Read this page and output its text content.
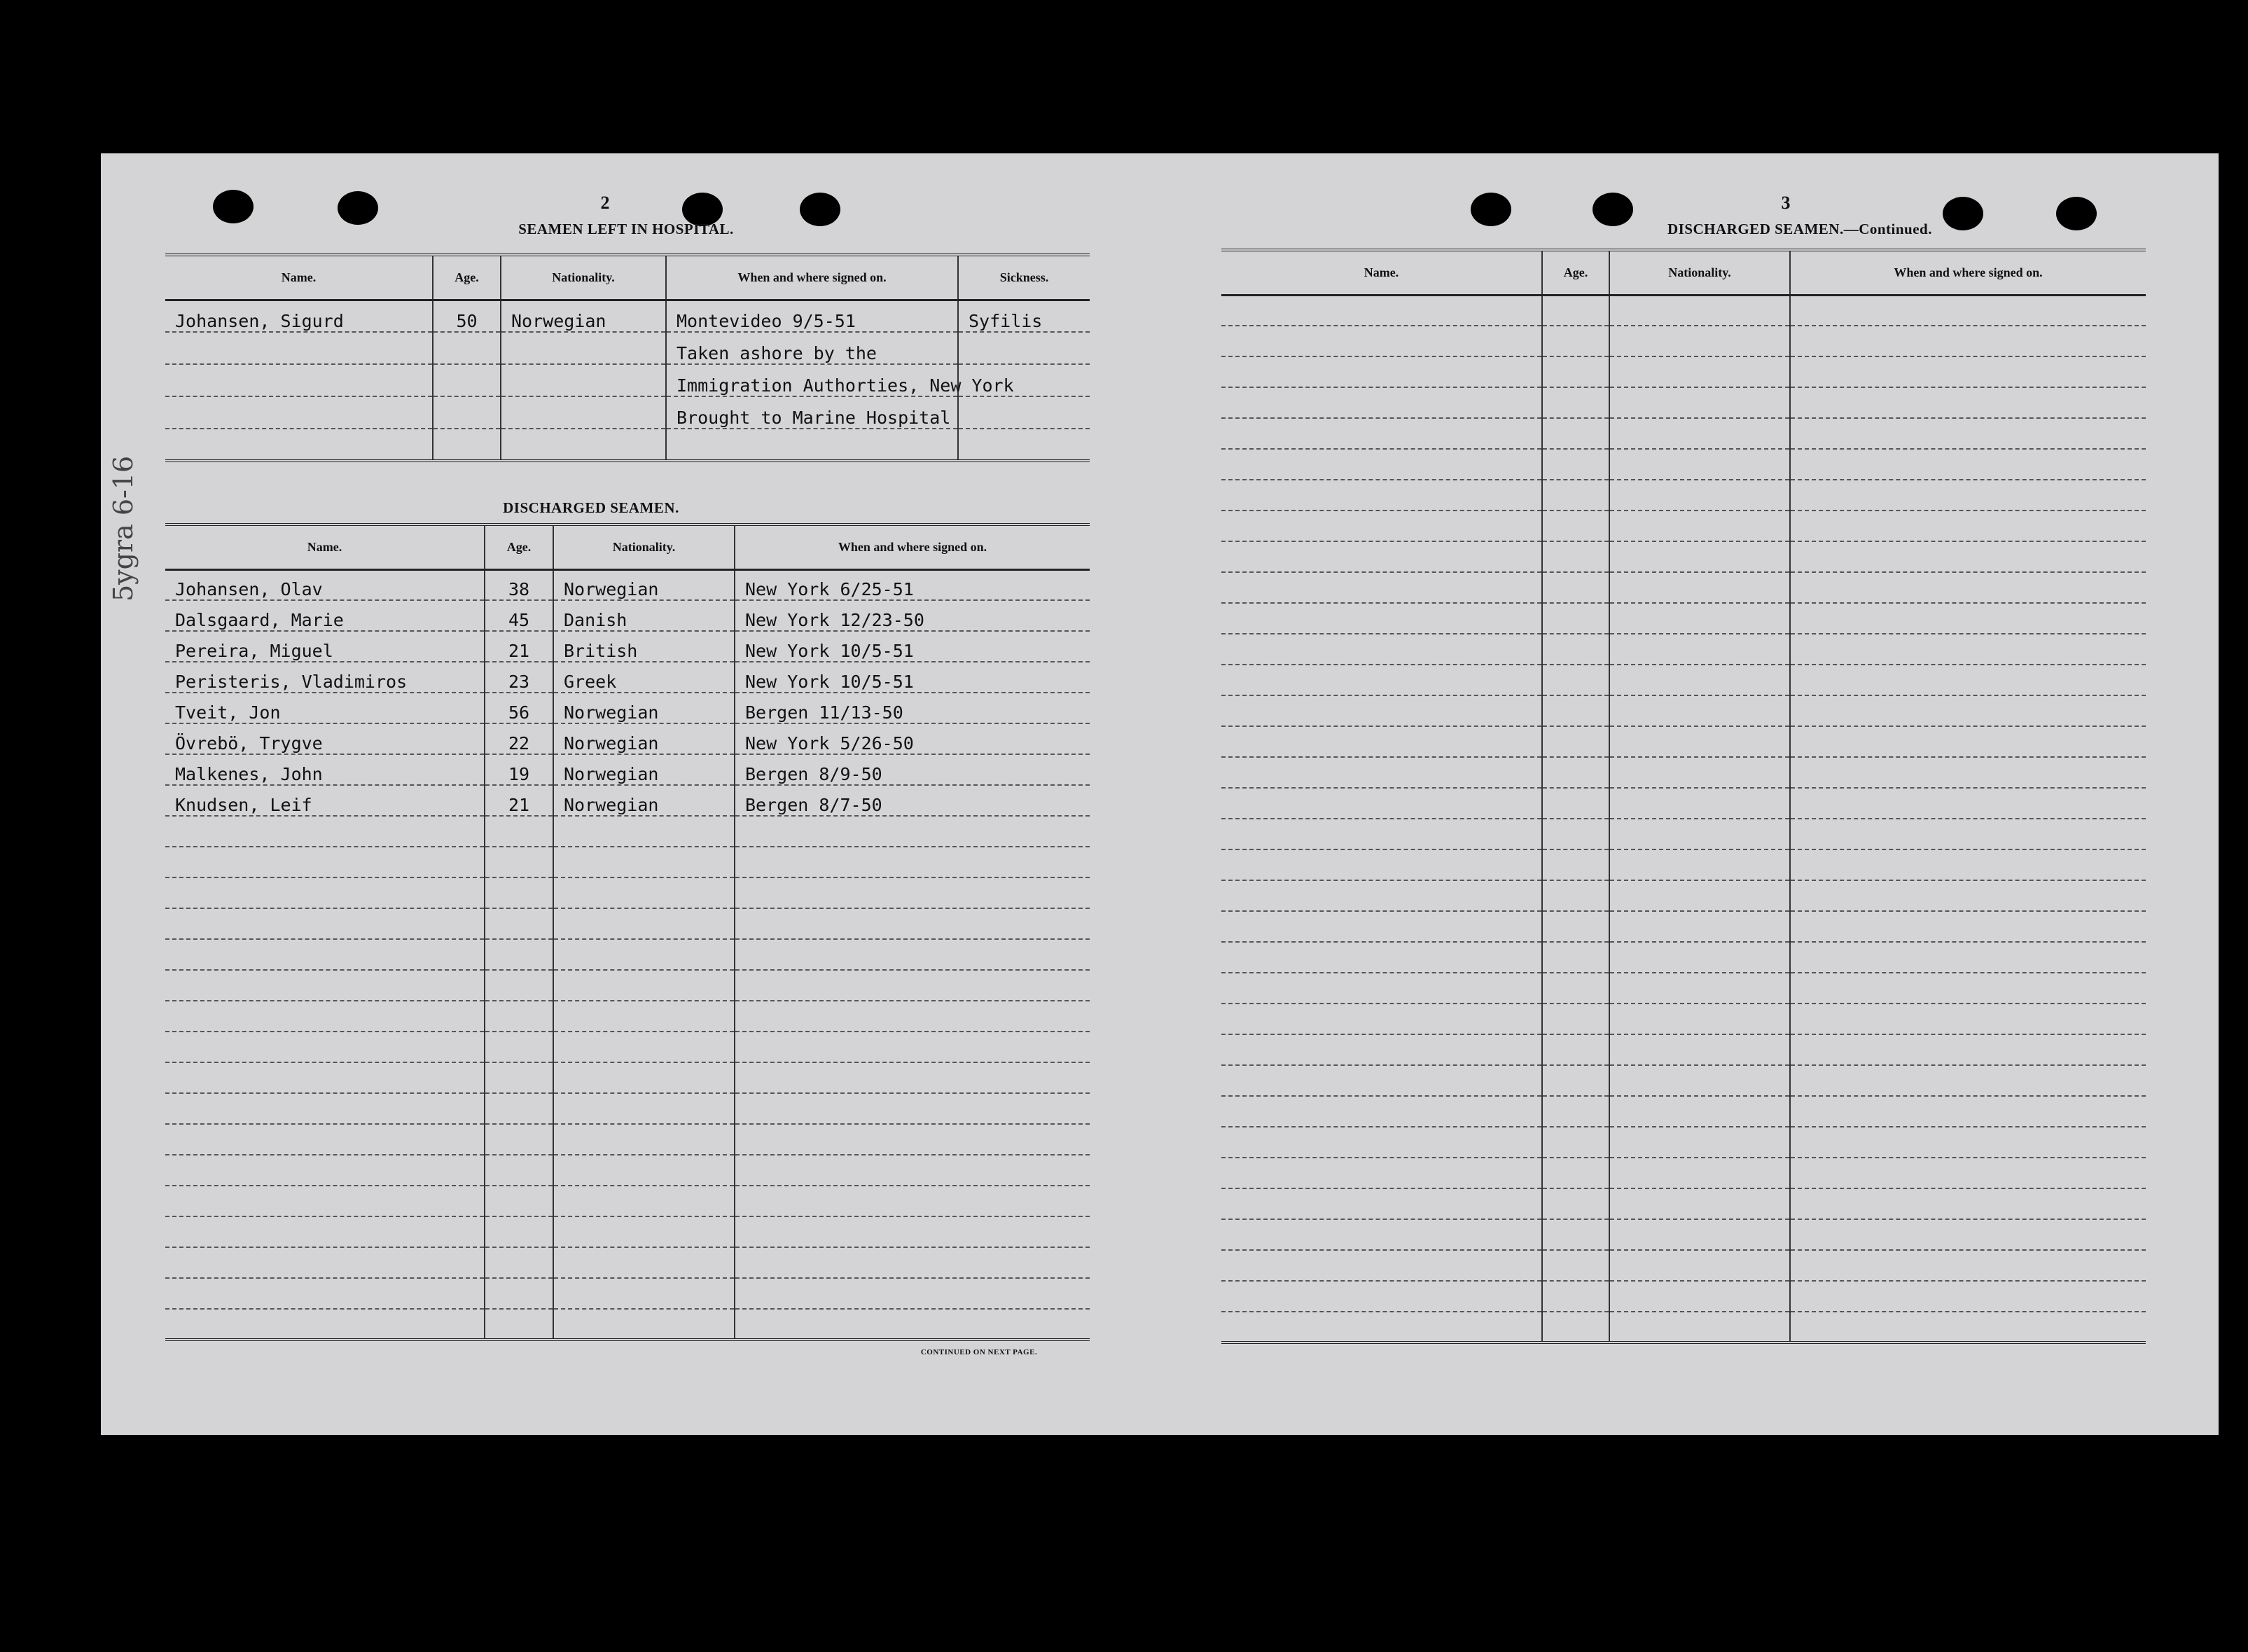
2
SEAMEN LEFT IN HOSPITAL.
Name.	Age.	Nationality.	When and where signed on.	Sickness.
Johansen, Sigurd	50	Norwegian	Montevideo 9/5-51	Syfilis
			Taken ashore by the	
			Immigration Authorties, New York	
			Brought to Marine Hospital	

DISCHARGED SEAMEN.
Name.	Age.	Nationality.	When and where signed on.
Johansen, Olav	38	Norwegian	New York 6/25-51
Dalsgaard, Marie	45	Danish	New York 12/23-50
Pereira, Miguel	21	British	New York 10/5-51
Peristeris, Vladimiros	23	Greek	New York 10/5-51
Tveit, Jon	56	Norwegian	Bergen 11/13-50
Övrebö, Trygve	22	Norwegian	New York 5/26-50
Malkenes, John	19	Norwegian	Bergen 8/9-50
Knudsen, Leif	21	Norwegian	Bergen 8/7-50

CONTINUED ON NEXT PAGE.
5ygra 6-16
3
DISCHARGED SEAMEN.—Continued.
Name.	Age.	Nationality.	When and where signed on.
